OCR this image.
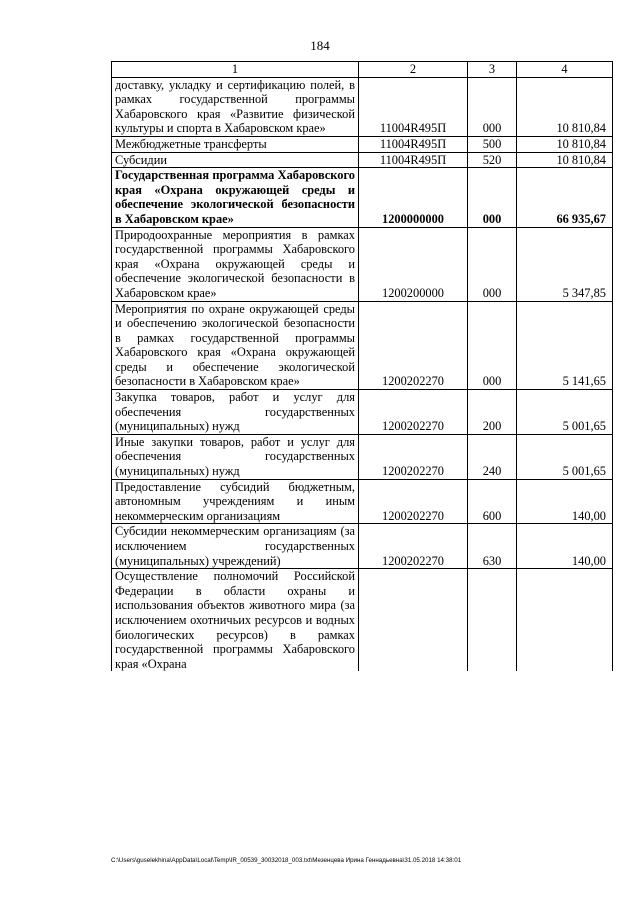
184
1	2	3	4
доставку, укладку и сертификацию полей, в рамках государственной программы Хабаровского края «Развитие физической культуры и спорта в Хабаровском крае»	11004R495П	000	10 810,84
Межбюджетные трансферты	11004R495П	500	10 810,84
Субсидии	11004R495П	520	10 810,84
Государственная программа Хабаровского края «Охрана окружающей среды и обеспечение экологической безопасности в Хабаровском крае»	1200000000	000	66 935,67
Природоохранные мероприятия в рамках государственной программы Хабаровского края «Охрана окружающей среды и обеспечение экологической безопасности в Хабаровском крае»	1200200000	000	5 347,85
Мероприятия по охране окружающей среды и обеспечению экологической безопасности в рамках государственной программы Хабаровского края «Охрана окружающей среды и обеспечение экологической безопасности в Хабаровском крае»	1200202270	000	5 141,65
Закупка товаров, работ и услуг для обеспечения государственных (муниципальных) нужд	1200202270	200	5 001,65
Иные закупки товаров, работ и услуг для обеспечения государственных (муниципальных) нужд	1200202270	240	5 001,65
Предоставление субсидий бюджетным, автономным учреждениям и иным некоммерческим организациям	1200202270	600	140,00
Субсидии некоммерческим организациям (за исключением государственных (муниципальных) учреждений)	1200202270	630	140,00
Осуществление полномочий Российской Федерации в области охраны и использования объектов животного мира (за исключением охотничьих ресурсов и водных биологических ресурсов) в рамках государственной программы Хабаровского края «Охрана			
C:\Users\guselekhina\AppData\Local\Temp\IR_00539_30032018_003.txt\Мезенцева Ирина Геннадьевна\31.05.2018 14:38:01
